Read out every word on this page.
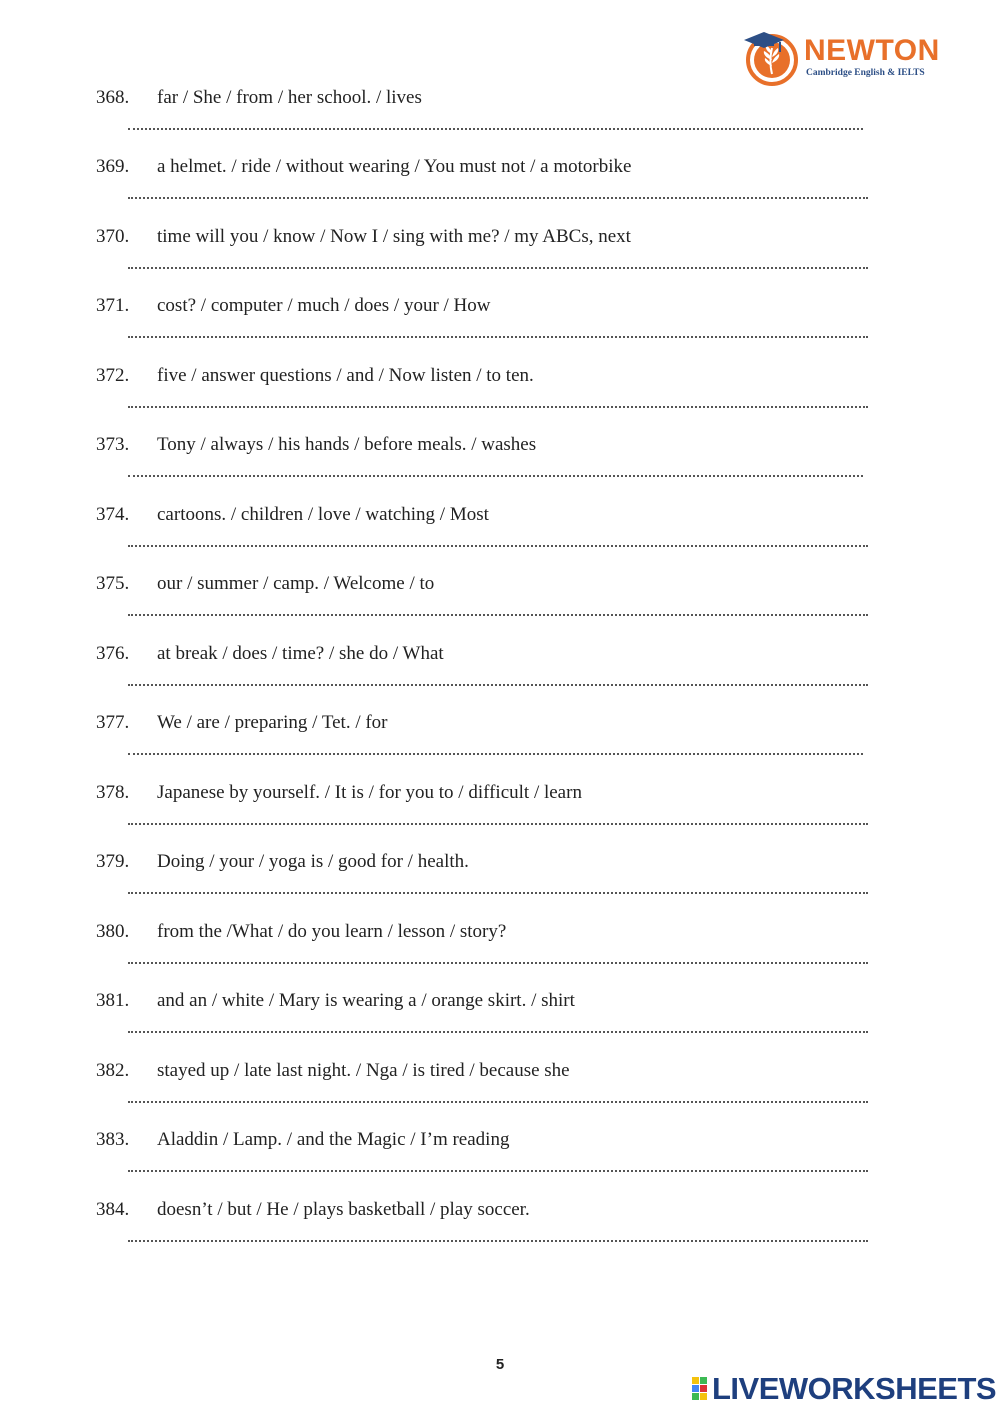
NEWTON
Cambridge English & IELTS
368. far / She / from / her school. / lives
369. a helmet. / ride / without wearing / You must not / a motorbike
370. time will you / know / Now I / sing with me? / my ABCs, next
371. cost? / computer / much / does / your / How
372. five / answer questions / and / Now listen / to ten.
373. Tony / always / his hands / before meals. / washes
374. cartoons. / children / love / watching / Most
375. our / summer / camp. / Welcome / to
376. at break / does / time? / she do / What
377. We / are / preparing / Tet. / for
378. Japanese by yourself. / It is / for you to / difficult / learn
379. Doing / your / yoga is / good for / health.
380. from the /What / do you learn / lesson / story?
381. and an / white / Mary is wearing a / orange skirt. / shirt
382. stayed up / late last night. / Nga / is tired / because she
383. Aladdin / Lamp. / and the Magic / I’m reading
384. doesn’t / but / He / plays basketball / play soccer.
5
LIVEWORKSHEETS
